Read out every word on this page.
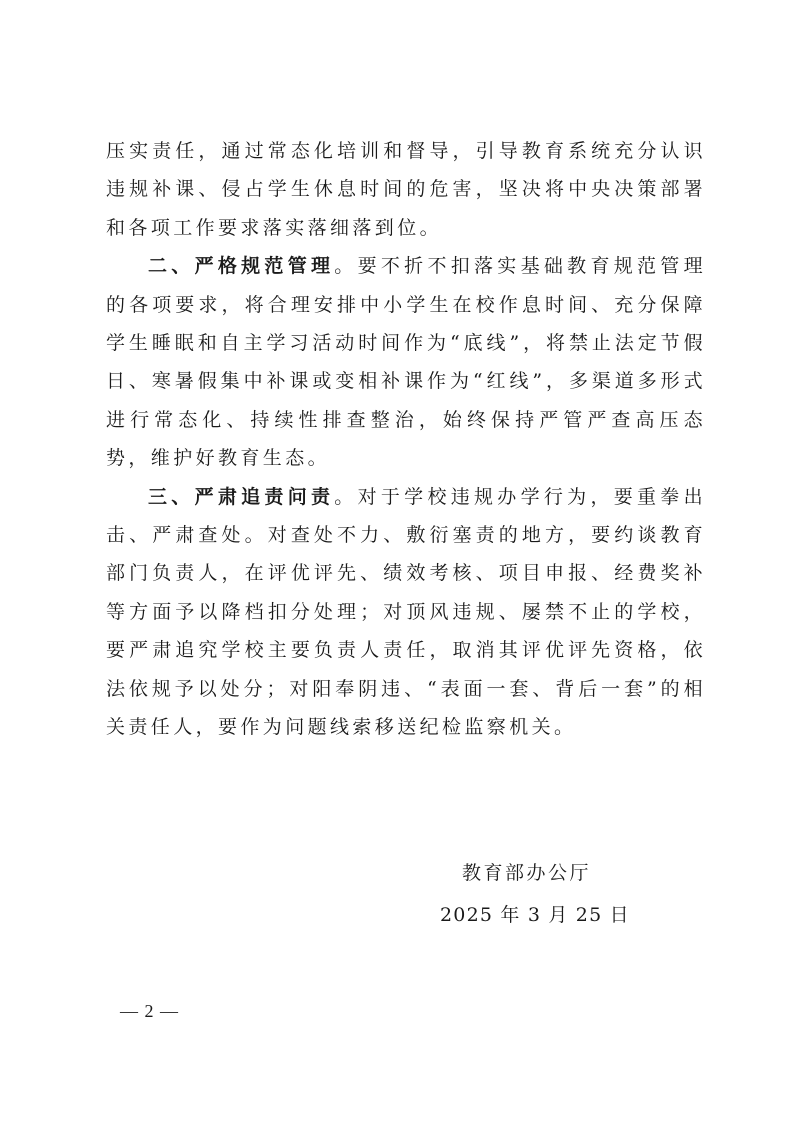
压实责任，通过常态化培训和督导，引导教育系统充分认识违规补课、侵占学生休息时间的危害，坚决将中央决策部署和各项工作要求落实落细落到位。

二、严格规范管理。要不折不扣落实基础教育规范管理的各项要求，将合理安排中小学生在校作息时间、充分保障学生睡眠和自主学习活动时间作为“底线”，将禁止法定节假日、寒暑假集中补课或变相补课作为“红线”，多渠道多形式进行常态化、持续性排查整治，始终保持严管严查高压态势，维护好教育生态。

三、严肃追责问责。对于学校违规办学行为，要重拳出击、严肃查处。对查处不力、敷衍塞责的地方，要约谈教育部门负责人，在评优评先、绩效考核、项目申报、经费奖补等方面予以降档扣分处理；对顶风违规、屡禁不止的学校，要严肃追究学校主要负责人责任，取消其评优评先资格，依法依规予以处分；对阳奉阴违、“表面一套、背后一套”的相关责任人，要作为问题线索移送纪检监察机关。

教育部办公厅
2025 年 3 月 25 日
— 2 —
